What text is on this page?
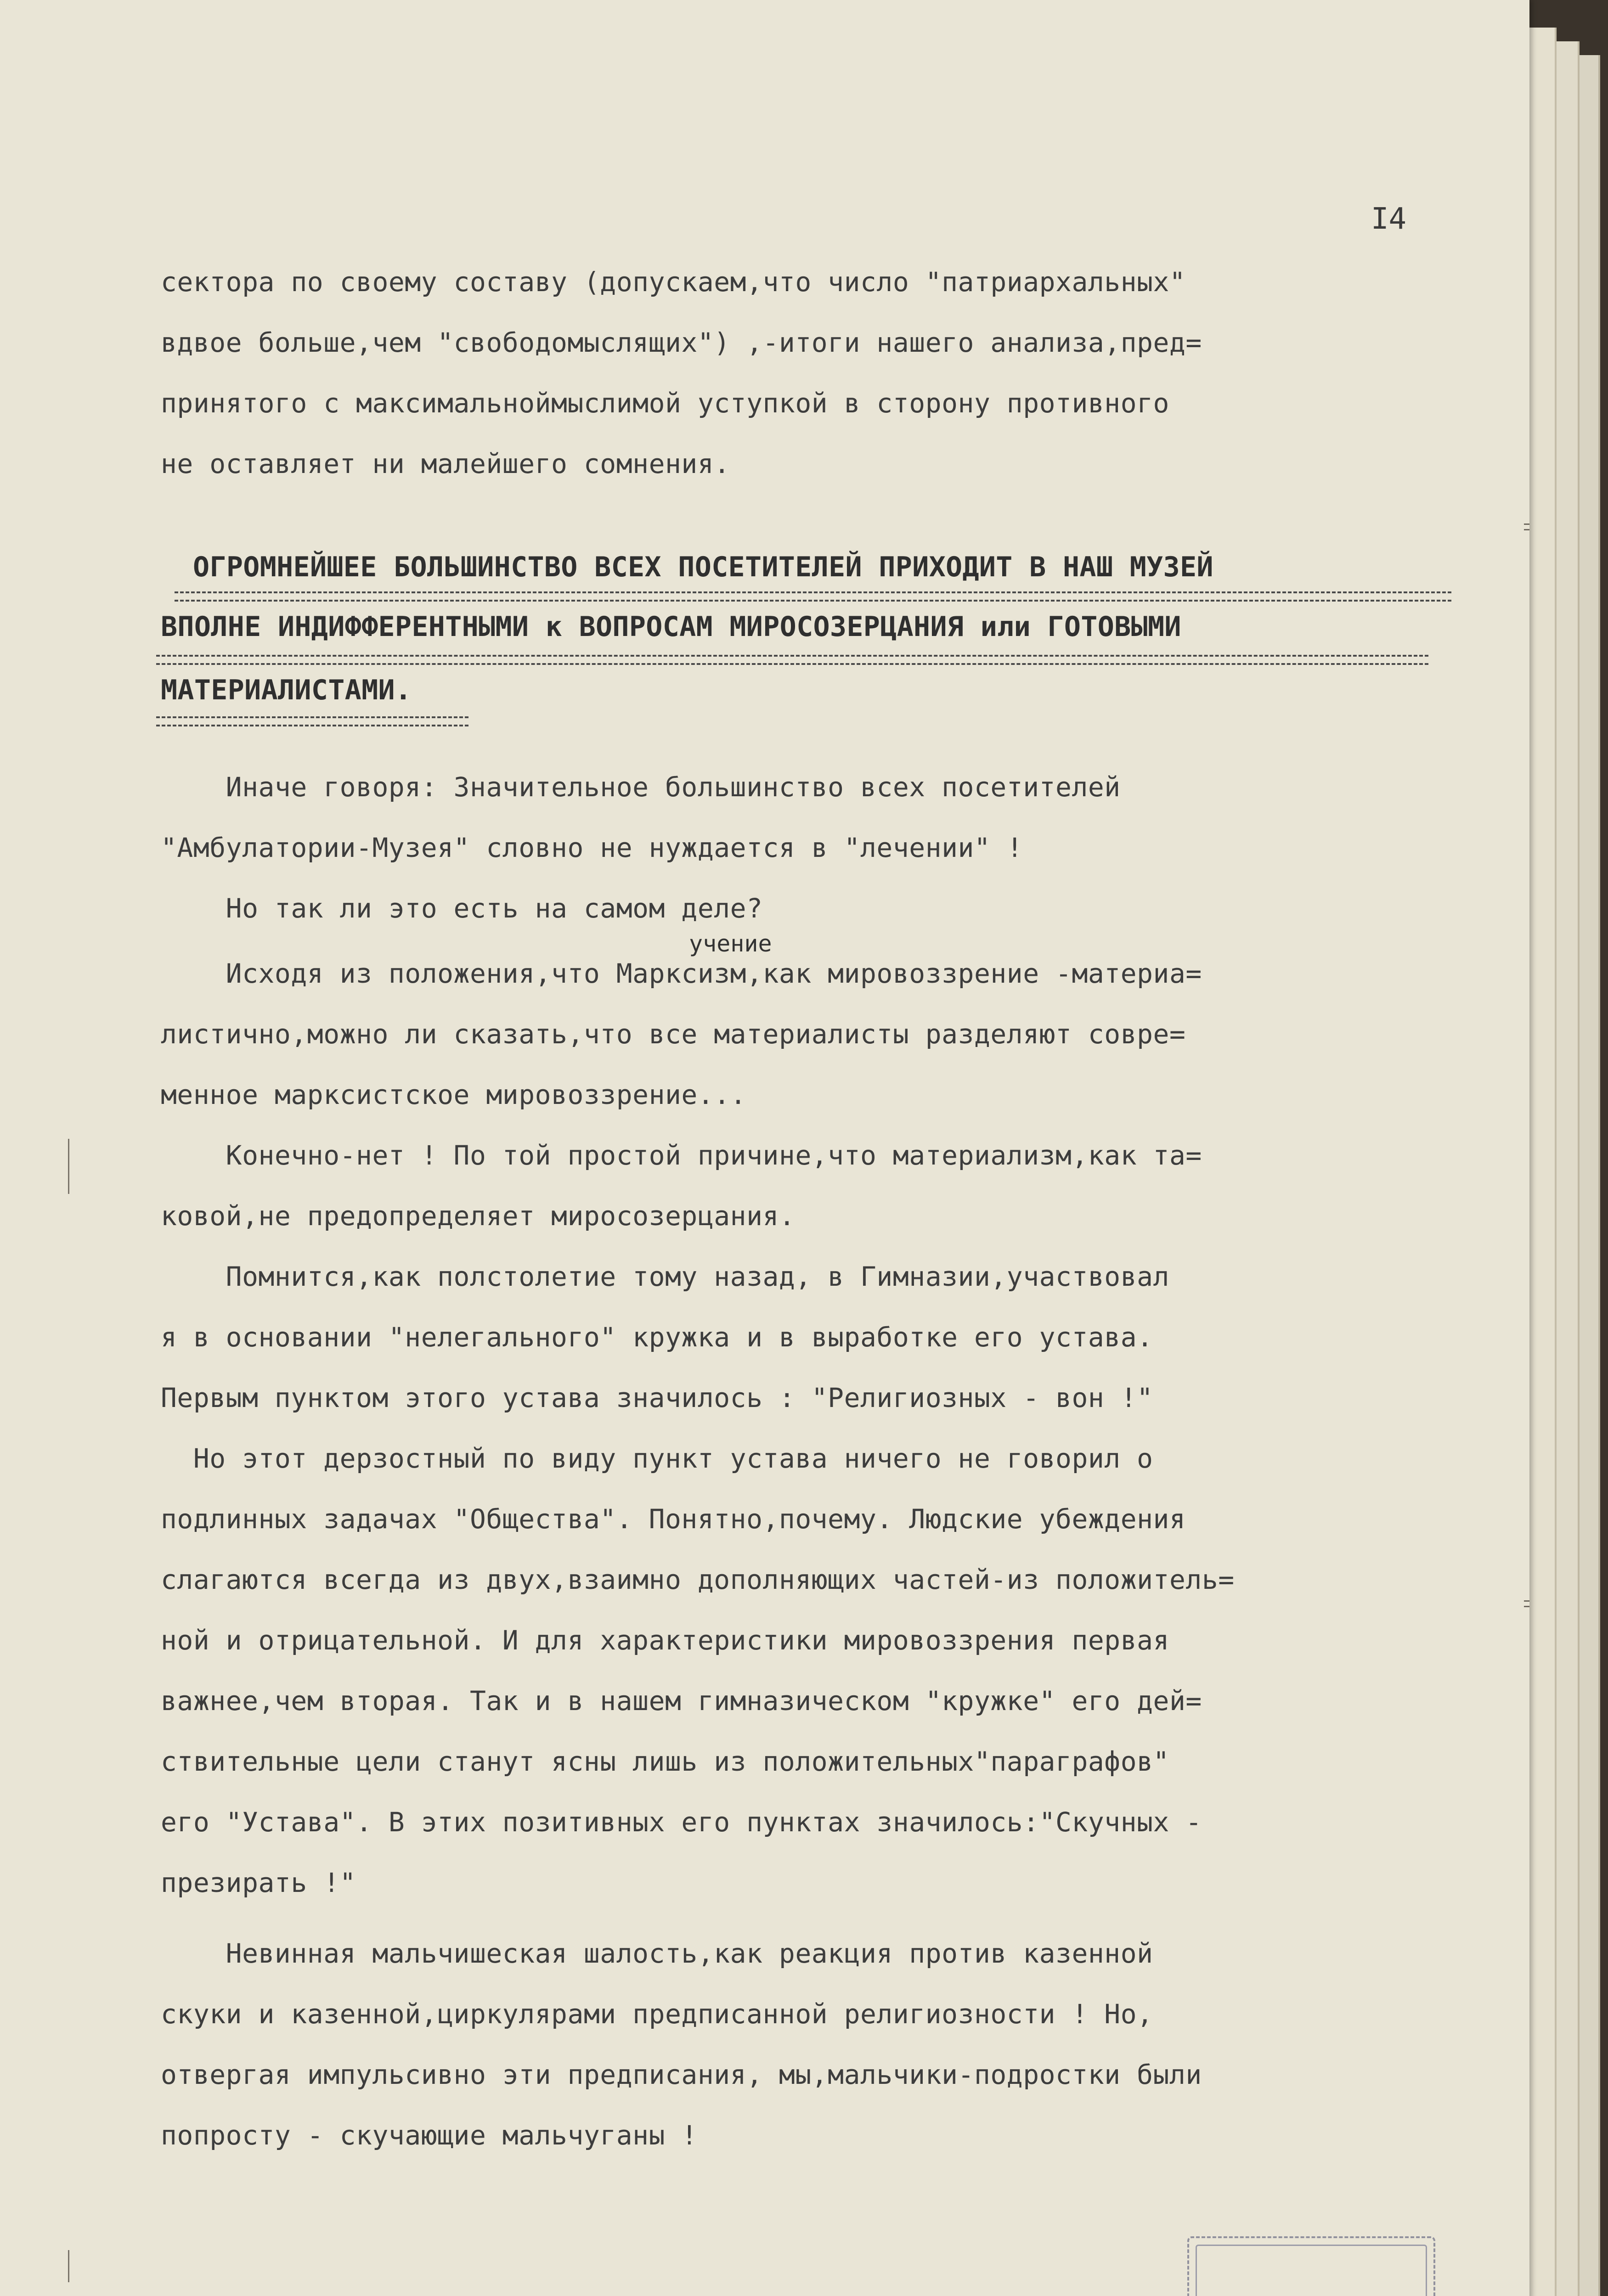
I4
сектора по своему составу (допускаем,что число "патриархальных"
вдвое больше,чем "свободомыслящих") ,-итоги нашего анализа,пред=
принятого с максимальноймыслимой уступкой в сторону противного
не оставляет ни малейшего сомнения.
ОГРОМНЕЙШЕЕ БОЛЬШИНСТВО ВСЕХ ПОСЕТИТЕЛЕЙ ПРИХОДИТ В НАШ МУЗЕЙ
ВПОЛНЕ ИНДИФФЕРЕНТНЫМИ к ВОПРОСАМ МИРОСОЗЕРЦАНИЯ или ГОТОВЫМИ
МАТЕРИАЛИСТАМИ.
Иначе говоря: Значительное большинство всех посетителей
"Амбулатории-Музея" словно не нуждается в "лечении" !
Но так ли это есть на самом деле?
учение
Исходя из положения,что Марксизм,как мировоззрение -материа=
листично,можно ли сказать,что все материалисты разделяют совре=
менное марксистское мировоззрение...
Конечно-нет ! По той простой причине,что материализм,как та=
ковой,не предопределяет миросозерцания.
Помнится,как полстолетие тому назад, в Гимназии,участвовал
я в основании "нелегального" кружка и в выработке его устава.
Первым пунктом этого устава значилось : "Религиозных - вон !"
Но этот дерзостный по виду пункт устава ничего не говорил о
подлинных задачах "Общества". Понятно,почему. Людские убеждения
слагаются всегда из двух,взаимно дополняющих частей-из положитель=
ной и отрицательной. И для характеристики мировоззрения первая
важнее,чем вторая. Так и в нашем гимназическом "кружке" его дей=
ствительные цели станут ясны лишь из положительных"параграфов"
его "Устава". В этих позитивных его пунктах значилось:"Скучных -
презирать !"
Невинная мальчишеская шалость,как реакция против казенной
скуки и казенной,циркулярами предписанной религиозности ! Но,
отвергая импульсивно эти предписания, мы,мальчики-подростки были
попросту - скучающие мальчуганы !
